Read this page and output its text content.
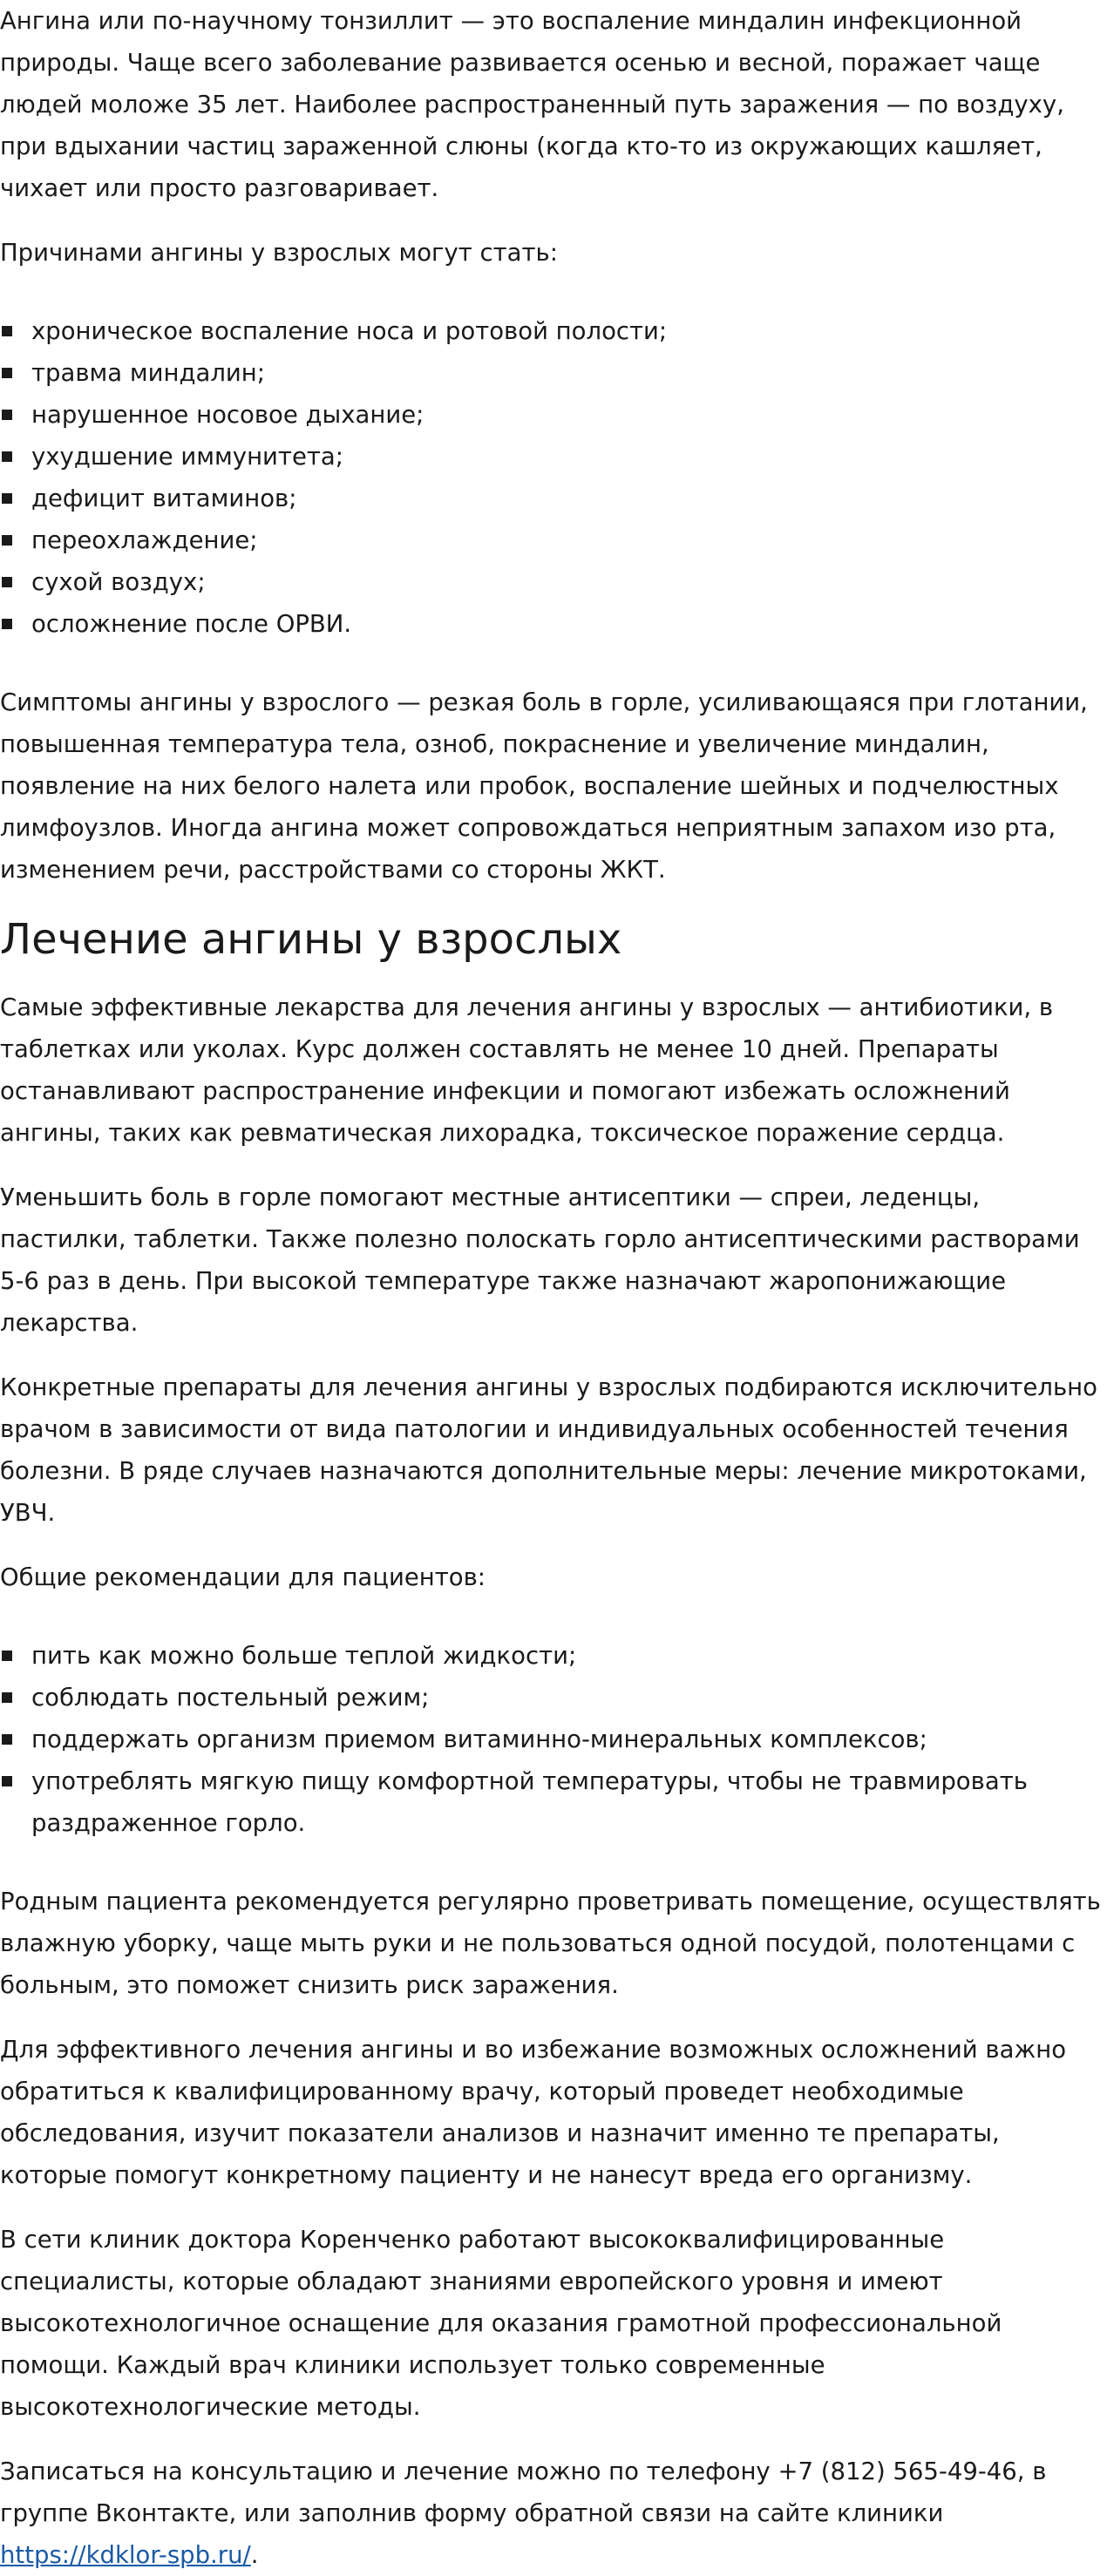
Ангина или по-научному тонзиллит — это воспаление миндалин инфекционной природы. Чаще всего заболевание развивается осенью и весной, поражает чаще людей моложе 35 лет. Наиболее распространенный путь заражения — по воздуху, при вдыхании частиц зараженной слюны (когда кто-то из окружающих кашляет, чихает или просто разговаривает.

Причинами ангины у взрослых могут стать:

хроническое воспаление носа и ротовой полости;
травма миндалин;
нарушенное носовое дыхание;
ухудшение иммунитета;
дефицит витаминов;
переохлаждение;
сухой воздух;
осложнение после ОРВИ.

Симптомы ангины у взрослого — резкая боль в горле, усиливающаяся при глотании, повышенная температура тела, озноб, покраснение и увеличение миндалин, появление на них белого налета или пробок, воспаление шейных и подчелюстных лимфоузлов. Иногда ангина может сопровождаться неприятным запахом изо рта, изменением речи, расстройствами со стороны ЖКТ.

Лечение ангины у взрослых

Самые эффективные лекарства для лечения ангины у взрослых — антибиотики, в таблетках или уколах. Курс должен составлять не менее 10 дней. Препараты останавливают распространение инфекции и помогают избежать осложнений ангины, таких как ревматическая лихорадка, токсическое поражение сердца.

Уменьшить боль в горле помогают местные антисептики — спреи, леденцы, пастилки, таблетки. Также полезно полоскать горло антисептическими растворами 5-6 раз в день. При высокой температуре также назначают жаропонижающие лекарства.

Конкретные препараты для лечения ангины у взрослых подбираются исключительно врачом в зависимости от вида патологии и индивидуальных особенностей течения болезни. В ряде случаев назначаются дополнительные меры: лечение микротоками, УВЧ.

Общие рекомендации для пациентов:

пить как можно больше теплой жидкости;
соблюдать постельный режим;
поддержать организм приемом витаминно-минеральных комплексов;
употреблять мягкую пищу комфортной температуры, чтобы не травмировать раздраженное горло.

Родным пациента рекомендуется регулярно проветривать помещение, осуществлять влажную уборку, чаще мыть руки и не пользоваться одной посудой, полотенцами с больным, это поможет снизить риск заражения.

Для эффективного лечения ангины и во избежание возможных осложнений важно обратиться к квалифицированному врачу, который проведет необходимые обследования, изучит показатели анализов и назначит именно те препараты, которые помогут конкретному пациенту и не нанесут вреда его организму.

В сети клиник доктора Коренченко работают высококвалифицированные специалисты, которые обладают знаниями европейского уровня и имеют высокотехнологичное оснащение для оказания грамотной профессиональной помощи. Каждый врач клиники использует только современные высокотехнологические методы.

Записаться на консультацию и лечение можно по телефону +7 (812) 565-49-46, в группе Вконтакте, или заполнив форму обратной связи на сайте клиники https://kdklor-spb.ru/.
